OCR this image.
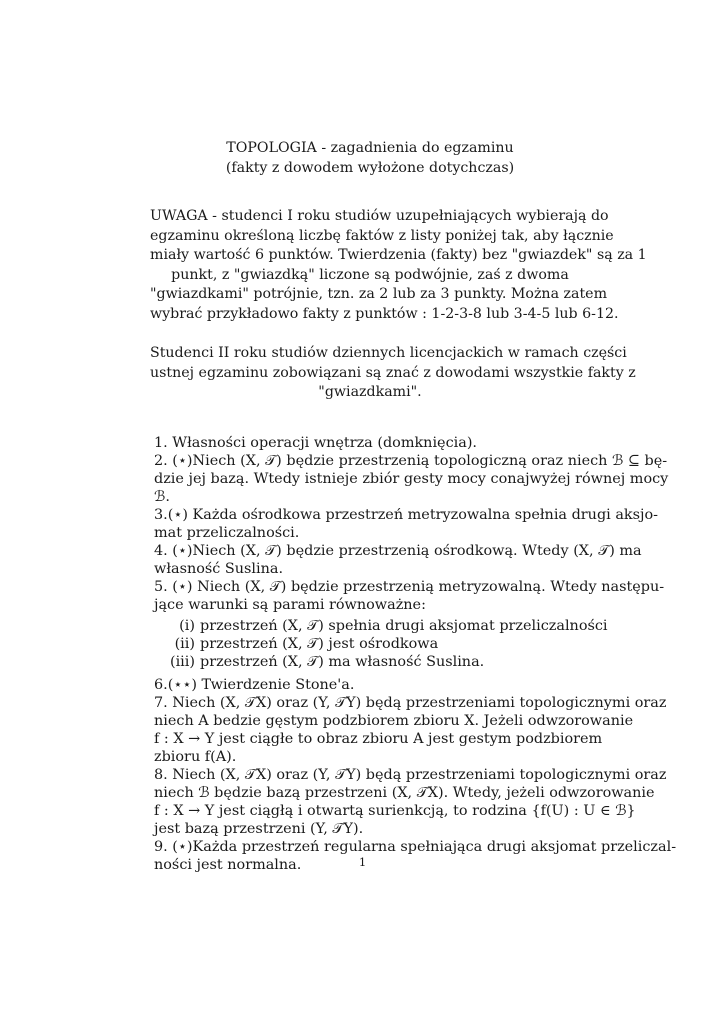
TOPOLOGIA - zagadnienia do egzaminu
(fakty z dowodem wyłożone dotychczas)
UWAGA - studenci I roku studiów uzupełniających wybierają do
egzaminu określoną liczbę faktów z listy poniżej tak, aby łącznie
miały wartość 6 punktów. Twierdzenia (fakty) bez "gwiazdek" są za 1
punkt, z "gwiazdką" liczone są podwójnie, zaś z dwoma
"gwiazdkami" potrójnie, tzn. za 2 lub za 3 punkty. Można zatem
wybrać przykładowo fakty z punktów : 1-2-3-8 lub 3-4-5 lub 6-12.
Studenci II roku studiów dziennych licencjackich w ramach części
ustnej egzaminu zobowiązani są znać z dowodami wszystkie fakty z
"gwiazdkami".
1. Własności operacji wnętrza (domknięcia).
2. (⋆)Niech (X, 𝒯) będzie przestrzenią topologiczną oraz niech ℬ ⊆ bę-
dzie jej bazą. Wtedy istnieje zbiór gesty mocy conajwyżej równej mocy
ℬ.
3.(⋆) Każda ośrodkowa przestrzeń metryzowalna spełnia drugi aksjo-
mat przeliczalności.
4. (⋆)Niech (X, 𝒯) będzie przestrzenią ośrodkową. Wtedy (X, 𝒯) ma
własność Suslina.
5. (⋆) Niech (X, 𝒯) będzie przestrzenią metryzowalną. Wtedy następu-
jące warunki są parami równoważne:
(i) przestrzeń (X, 𝒯) spełnia drugi aksjomat przeliczalności
(ii) przestrzeń (X, 𝒯) jest ośrodkowa
(iii) przestrzeń (X, 𝒯) ma własność Suslina.
6.(⋆⋆) Twierdzenie Stone'a.
7. Niech (X, 𝒯X) oraz (Y, 𝒯Y) będą przestrzeniami topologicznymi oraz
niech A bedzie gęstym podzbiorem zbioru X. Jeżeli odwzorowanie
f : X → Y jest ciągłe to obraz zbioru A jest gestym podzbiorem
zbioru f(A).
8. Niech (X, 𝒯X) oraz (Y, 𝒯Y) będą przestrzeniami topologicznymi oraz
niech ℬ będzie bazą przestrzeni (X, 𝒯X). Wtedy, jeżeli odwzorowanie
f : X → Y jest ciągłą i otwartą surienkcją, to rodzina {f(U) : U ∈ ℬ}
jest bazą przestrzeni (Y, 𝒯Y).
9. (⋆)Każda przestrzeń regularna spełniająca drugi aksjomat przeliczal-
ności jest normalna.	1
